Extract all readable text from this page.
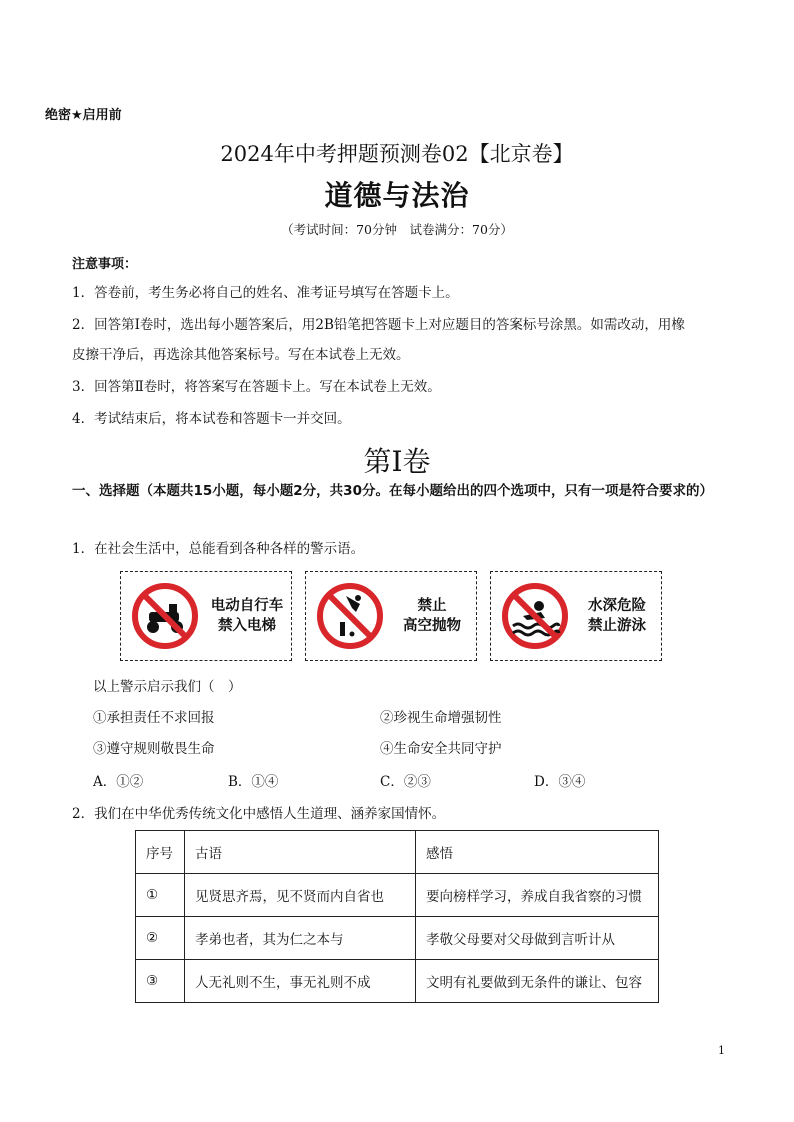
绝密★启用前
2024年中考押题预测卷02【北京卷】
道德与法治
（考试时间：70分钟　试卷满分：70分）
注意事项：
1．答卷前，考生务必将自己的姓名、准考证号填写在答题卡上。
2．回答第Ⅰ卷时，选出每小题答案后，用2B铅笔把答题卡上对应题目的答案标号涂黑。如需改动，用橡
皮擦干净后，再选涂其他答案标号。写在本试卷上无效。
3．回答第Ⅱ卷时，将答案写在答题卡上。写在本试卷上无效。
4．考试结束后，将本试卷和答题卡一并交回。
第Ⅰ卷
一、选择题（本题共15小题，每小题2分，共30分。在每小题给出的四个选项中，只有一项是符合要求的）
1．在社会生活中，总能看到各种各样的警示语。
电动自行车
禁入电梯
禁止
高空抛物
水深危险
禁止游泳
以上警示启示我们（　）
①承担责任不求回报	②珍视生命增强韧性
③遵守规则敬畏生命	④生命安全共同守护
A．①②	B．①④	C．②③	D．③④
2．我们在中华优秀传统文化中感悟人生道理、涵养家国情怀。
序号	古语	感悟
①	见贤思齐焉，见不贤而内自省也	要向榜样学习，养成自我省察的习惯
②	孝弟也者，其为仁之本与	孝敬父母要对父母做到言听计从
③	人无礼则不生，事无礼则不成	文明有礼要做到无条件的谦让、包容
1
